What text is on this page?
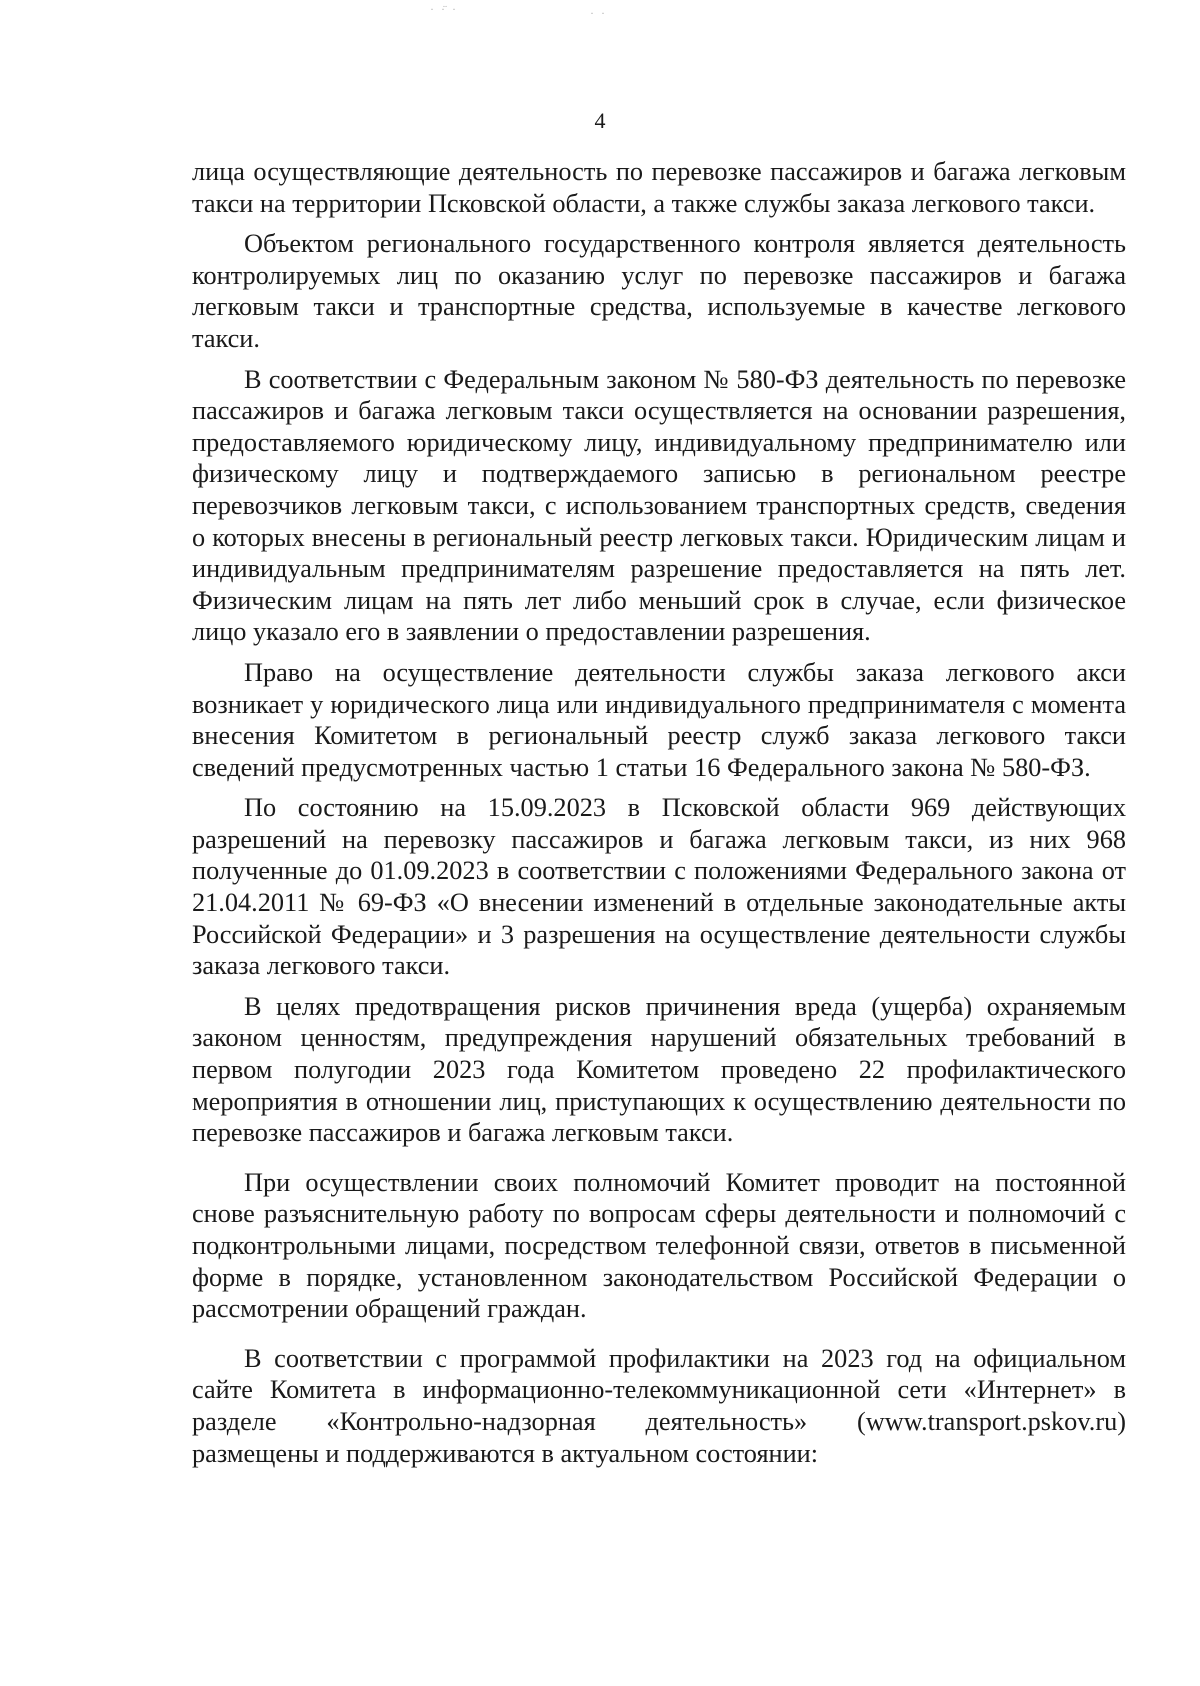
· ·̈ ·	· ·
4

лица осуществляющие деятельность по перевозке пассажиров и багажа легковым такси на территории Псковской области, а также службы заказа легкового такси.

Объектом регионального государственного контроля является деятельность контролируемых лиц по оказанию услуг по перевозке пассажиров и багажа легковым такси и транспортные средства, используемые в качестве легкового такси.

В соответствии с Федеральным законом № 580-ФЗ деятельность по перевозке пассажиров и багажа легковым такси осуществляется на основании разрешения, предоставляемого юридическому лицу, индивидуальному предпринимателю или физическому лицу и подтверждаемого записью в региональном реестре перевозчиков легковым такси, с использованием транспортных средств, сведения о которых внесены в региональный реестр легковых такси. Юридическим лицам и индивидуальным предпринимателям разрешение предоставляется на пять лет. Физическим лицам на пять лет либо меньший срок в случае, если физическое лицо указало его в заявлении о предоставлении разрешения.

Право на осуществление деятельности службы заказа легкового акси возникает у юридического лица или индивидуального предпринимателя с момента внесения Комитетом в региональный реестр служб заказа легкового такси сведений предусмотренных частью 1 статьи 16 Федерального закона № 580-ФЗ.

По состоянию на 15.09.2023 в Псковской области 969 действующих разрешений на перевозку пассажиров и багажа легковым такси, из них 968 полученные до 01.09.2023 в соответствии с положениями Федерального закона от 21.04.2011 № 69-ФЗ «О внесении изменений в отдельные законодательные акты Российской Федерации» и 3 разрешения на осуществление деятельности службы заказа легкового такси.

В целях предотвращения рисков причинения вреда (ущерба) охраняемым законом ценностям, предупреждения нарушений обязательных требований в первом полугодии 2023 года Комитетом проведено 22 профилактического мероприятия в отношении лиц, приступающих к осуществлению деятельности по перевозке пассажиров и багажа легковым такси.

При осуществлении своих полномочий Комитет проводит на постоянной снове разъяснительную работу по вопросам сферы деятельности и полномочий с подконтрольными лицами, посредством телефонной связи, ответов в письменной форме в порядке, установленном законодательством Российской Федерации о рассмотрении обращений граждан.

В соответствии с программой профилактики на 2023 год на официальном сайте Комитета в информационно-телекоммуникационной сети «Интернет» в разделе «Контрольно-надзорная деятельность» (www.transport.pskov.ru) размещены и поддерживаются в актуальном состоянии:
